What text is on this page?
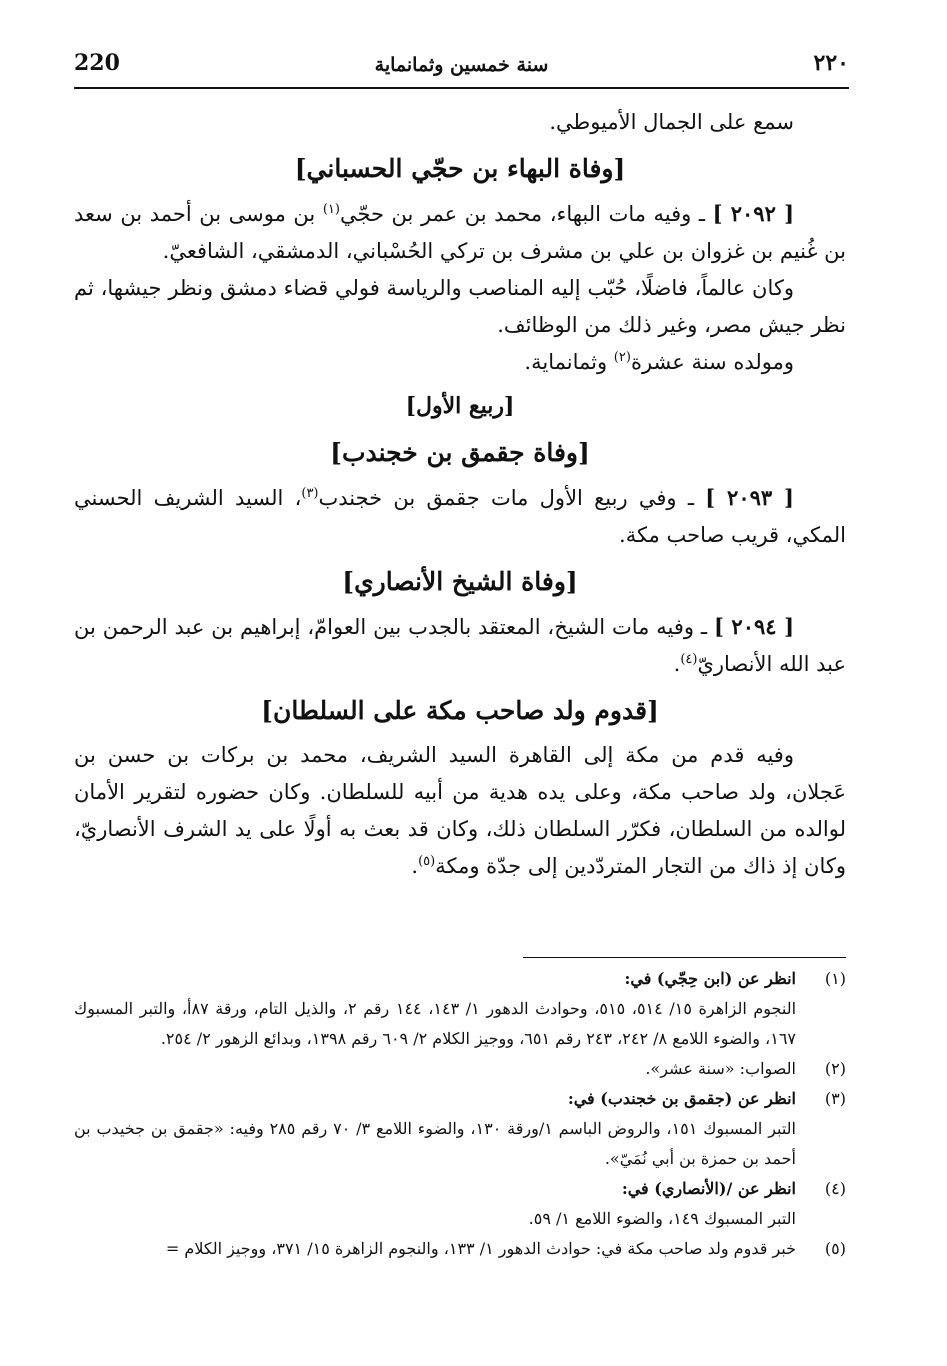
٢٢٠
سنة خمسين وثمانماية
220

سمع على الجمال الأميوطي.

[وفاة البهاء بن حجّي الحسباني]

[ ٢٠٩٢ ] ـ وفيه مات البهاء، محمد بن عمر بن حجّي$^{(١)}$ بن موسى بن أحمد بن سعد بن غُنيم بن غزوان بن علي بن مشرف بن تركي الحُسْباني، الدمشقي، الشافعيّ.

وكان عالماً، فاضلًا، حُبّب إليه المناصب والرياسة فولي قضاء دمشق ونظر جيشها، ثم نظر جيش مصر، وغير ذلك من الوظائف.

ومولده سنة عشرة$^{(٢)}$ وثمانماية.

[ربيع الأول]
[وفاة جقمق بن خجندب]

[ ٢٠٩٣ ] ـ وفي ربيع الأول مات جقمق بن خجندب$^{(٣)}$، السيد الشريف الحسني المكي، قريب صاحب مكة.

[وفاة الشيخ الأنصاري]

[ ٢٠٩٤ ] ـ وفيه مات الشيخ، المعتقد بالجدب بين العوامّ، إبراهيم بن عبد الرحمن بن عبد الله الأنصاريّ$^{(٤)}$.

[قدوم ولد صاحب مكة على السلطان]

وفيه قدم من مكة إلى القاهرة السيد الشريف، محمد بن بركات بن حسن بن عَجلان، ولد صاحب مكة، وعلى يده هدية من أبيه للسلطان. وكان حضوره لتقرير الأمان لوالده من السلطان، فكرّر السلطان ذلك، وكان قد بعث به أولًا على يد الشرف الأنصاريّ، وكان إذ ذاك من التجار المتردّدين إلى جدّة ومكة$^{(٥)}$.

(١)
انظر عن (ابن حِجّي) في:
النجوم الزاهرة ١٥/ ٥١٤، ٥١٥، وحوادث الدهور ١/ ١٤٣، ١٤٤ رقم ٢، والذيل التام، ورقة ٨٧أ، والتبر المسبوك ١٦٧، والضوء اللامع ٨/ ٢٤٢، ٢٤٣ رقم ٦٥١، ووجيز الكلام ٢/ ٦٠٩ رقم ١٣٩٨، وبدائع الزهور ٢/ ٢٥٤.
(٢)
الصواب: «سنة عشر».
(٣)
انظر عن (جقمق بن خجندب) في:
التبر المسبوك ١٥١، والروض الباسم ١/ورقة ١٣٠، والضوء اللامع ٣/ ٧٠ رقم ٢٨٥ وفيه: «جقمق بن جخيدب بن أحمد بن حمزة بن أبي نُمَيّ».
(٤)
انظر عن /(الأنصاري) في:
التبر المسبوك ١٤٩، والضوء اللامع ١/ ٥٩.
(٥)
خبر قدوم ولد صاحب مكة في: حوادث الدهور ١/ ١٣٣، والنجوم الزاهرة ١٥/ ٣٧١، ووجيز الكلام =
